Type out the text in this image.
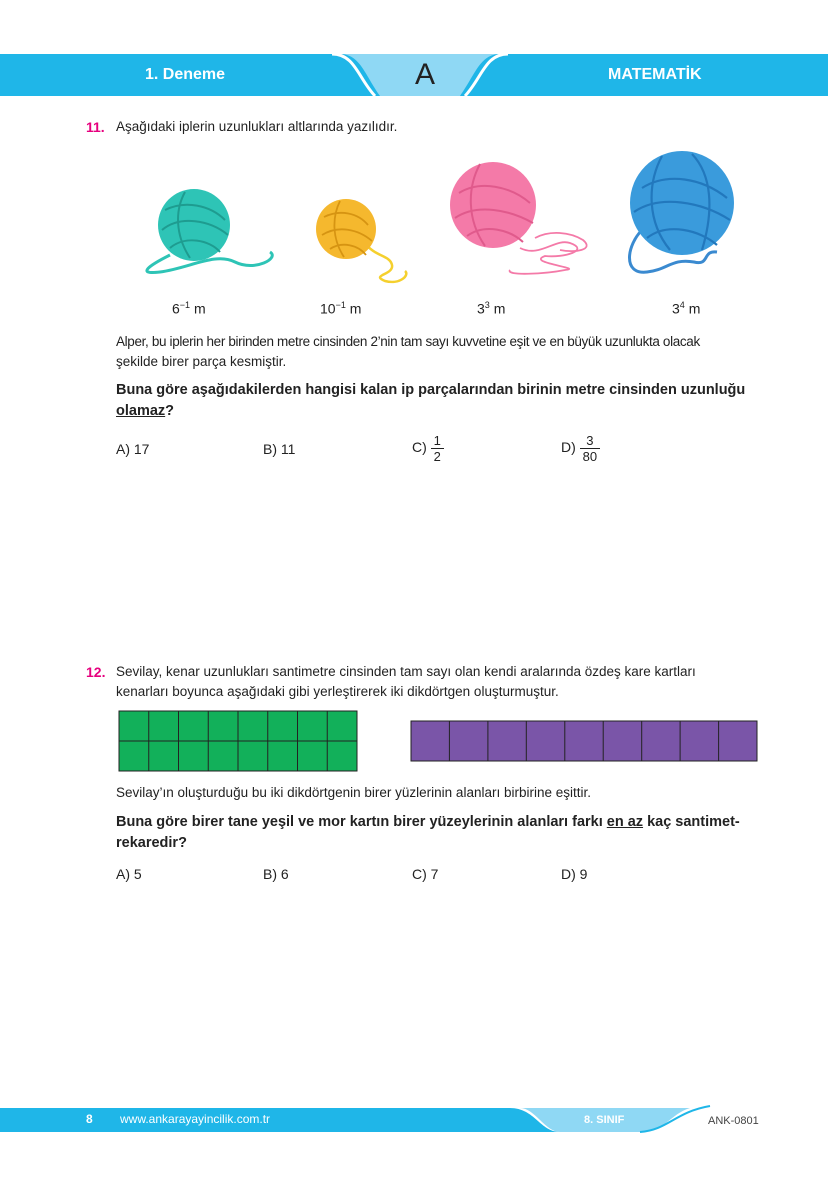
1. Deneme	A	MATEMATİK
11. Aşağıdaki iplerin uzunlukları altlarında yazılıdır.
$6^{-1}$ m	$10^{-1}$ m	$3^3$ m	$3^4$ m
Alper, bu iplerin her birinden metre cinsinden 2’nin tam sayı kuvvetine eşit ve en büyük uzunlukta olacak
şekilde birer parça kesmiştir.
Buna göre aşağıdakilerden hangisi kalan ip parçalarından birinin metre cinsinden uzunluğu
olamaz?
A) 17	B) 11	$C) \frac{1}{2}$	$D) \frac{3}{80}$
12. Sevilay, kenar uzunlukları santimetre cinsinden tam sayı olan kendi aralarında özdeş kare kartları
kenarları boyunca aşağıdaki gibi yerleştirerek iki dikdörtgen oluşturmuştur.
Sevilay’ın oluşturduğu bu iki dikdörtgenin birer yüzlerinin alanları birbirine eşittir.
Buna göre birer tane yeşil ve mor kartın birer yüzeylerinin alanları farkı en az kaç santimet-
rekaredir?
A) 5	B) 6	C) 7	D) 9
8 www.ankarayayincilik.com.tr	8. SINIF	ANK-0801
